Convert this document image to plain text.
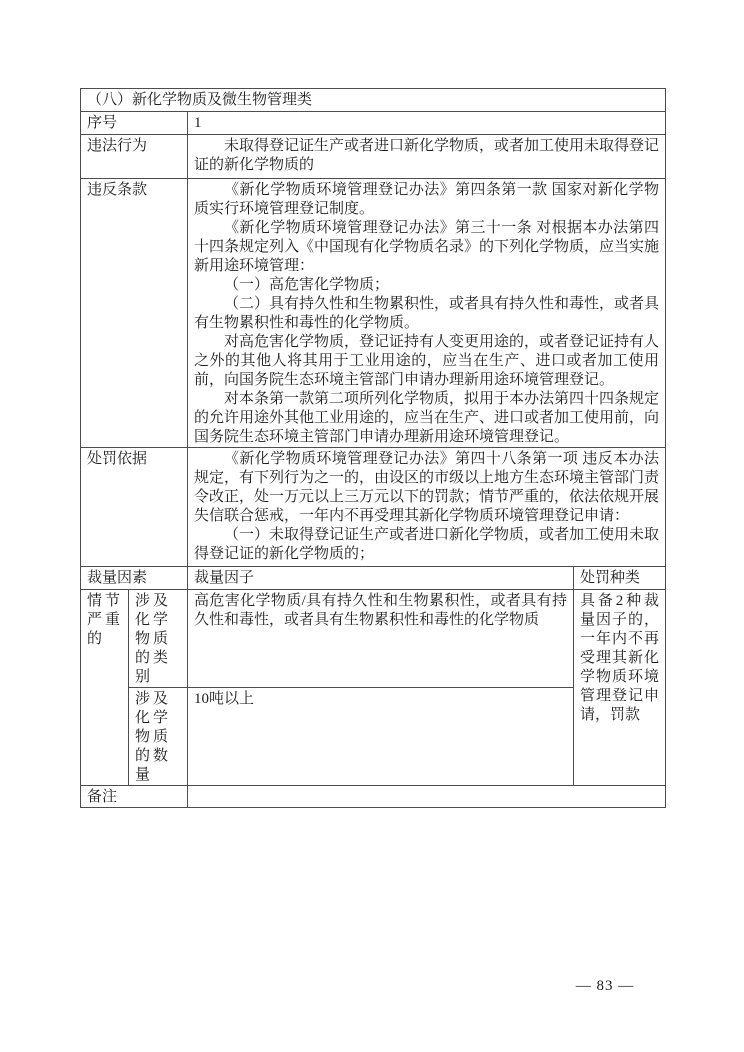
（八）新化学物质及微生物管理类			
序号		1	
违法行为		未取得登记证生产或者进口新化学物质，或者加工使用未取得登记证的新化学物质的	

违反条款	《新化学物质环境管理登记办法》第四条第一款 国家对新化学物质实行环境管理登记制度。

《新化学物质环境管理登记办法》第三十一条 对根据本办法第四十四条规定列入《中国现有化学物质名录》的下列化学物质，应当实施新用途环境管理：

（一）高危害化学物质；

（二）具有持久性和生物累积性，或者具有持久性和毒性，或者具有生物累积性和毒性的化学物质。

对高危害化学物质，登记证持有人变更用途的，或者登记证持有人之外的其他人将其用于工业用途的，应当在生产、进口或者加工使用前，向国务院生态环境主管部门申请办理新用途环境管理登记。

对本条第一款第二项所列化学物质，拟用于本办法第四十四条规定的允许用途外其他工业用途的，应当在生产、进口或者加工使用前，向国务院生态环境主管部门申请办理新用途环境管理登记。

处罚依据		《新化学物质环境管理登记办法》第四十八条第一项 违反本办法规定，有下列行为之一的，由设区的市级以上地方生态环境主管部门责令改正，处一万元以上三万元以下的罚款；情节严重的，依法依规开展失信联合惩戒，一年内不再受理其新化学物质环境管理登记申请：

（一）未取得登记证生产或者进口新化学物质，或者加工使用未取得登记证的新化学物质的；	

裁量因素		裁量因子	处罚种类

情节严重的	涉及化学物质的类别	高危害化学物质/具有持久性和生物累积性，或者具有持久性和毒性，或者具有生物累积性和毒性的化学物质	具备2种裁量因子的，一年内不再受理其新化学物质环境管理登记申请，罚款

	涉及化学物质的数量	10吨以上	

备注			
— 83 —
